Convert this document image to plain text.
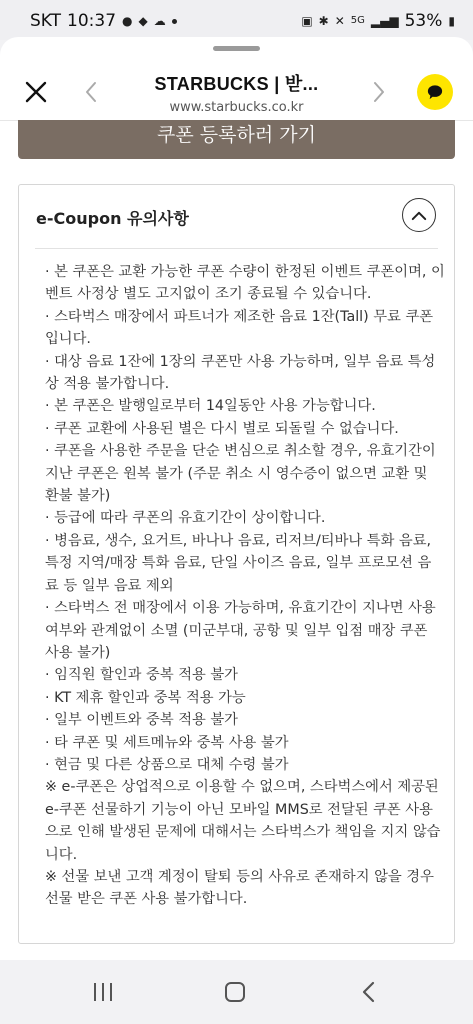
SKT 10:37 ● ◆ ☁	▣ ✱ ✕ 5G ▂▄▆ 53% ▮
STARBUCKS | 받...
www.starbucks.co.kr
쿠폰 등록하러 가기
e-Coupon 유의사항

· 본 쿠폰은 교환 가능한 쿠폰 수량이 한정된 이벤트 쿠폰이며, 이벤트 사정상 별도 고지없이 조기 종료될 수 있습니다.

· 스타벅스 매장에서 파트너가 제조한 음료 1잔(Tall) 무료 쿠폰입니다.

· 대상 음료 1잔에 1장의 쿠폰만 사용 가능하며, 일부 음료 특성상 적용 불가합니다.

· 본 쿠폰은 발행일로부터 14일동안 사용 가능합니다.

· 쿠폰 교환에 사용된 별은 다시 별로 되돌릴 수 없습니다.

· 쿠폰을 사용한 주문을 단순 변심으로 취소할 경우, 유효기간이 지난 쿠폰은 원복 불가 (주문 취소 시 영수증이 없으면 교환 및 환불 불가)

· 등급에 따라 쿠폰의 유효기간이 상이합니다.

· 병음료, 생수, 요거트, 바나나 음료, 리저브/티바나 특화 음료, 특정 지역/매장 특화 음료, 단일 사이즈 음료, 일부 프로모션 음료 등 일부 음료 제외

· 스타벅스 전 매장에서 이용 가능하며, 유효기간이 지나면 사용 여부와 관계없이 소멸 (미군부대, 공항 및 일부 입점 매장 쿠폰 사용 불가)

· 임직원 할인과 중복 적용 불가

· KT 제휴 할인과 중복 적용 가능

· 일부 이벤트와 중복 적용 불가

· 타 쿠폰 및 세트메뉴와 중복 사용 불가

· 현금 및 다른 상품으로 대체 수령 불가

※ e-쿠폰은 상업적으로 이용할 수 없으며, 스타벅스에서 제공된 e-쿠폰 선물하기 기능이 아닌 모바일 MMS로 전달된 쿠폰 사용으로 인해 발생된 문제에 대해서는 스타벅스가 책임을 지지 않습니다.

※ 선물 보낸 고객 계정이 탈퇴 등의 사유로 존재하지 않을 경우 선물 받은 쿠폰 사용 불가합니다.
